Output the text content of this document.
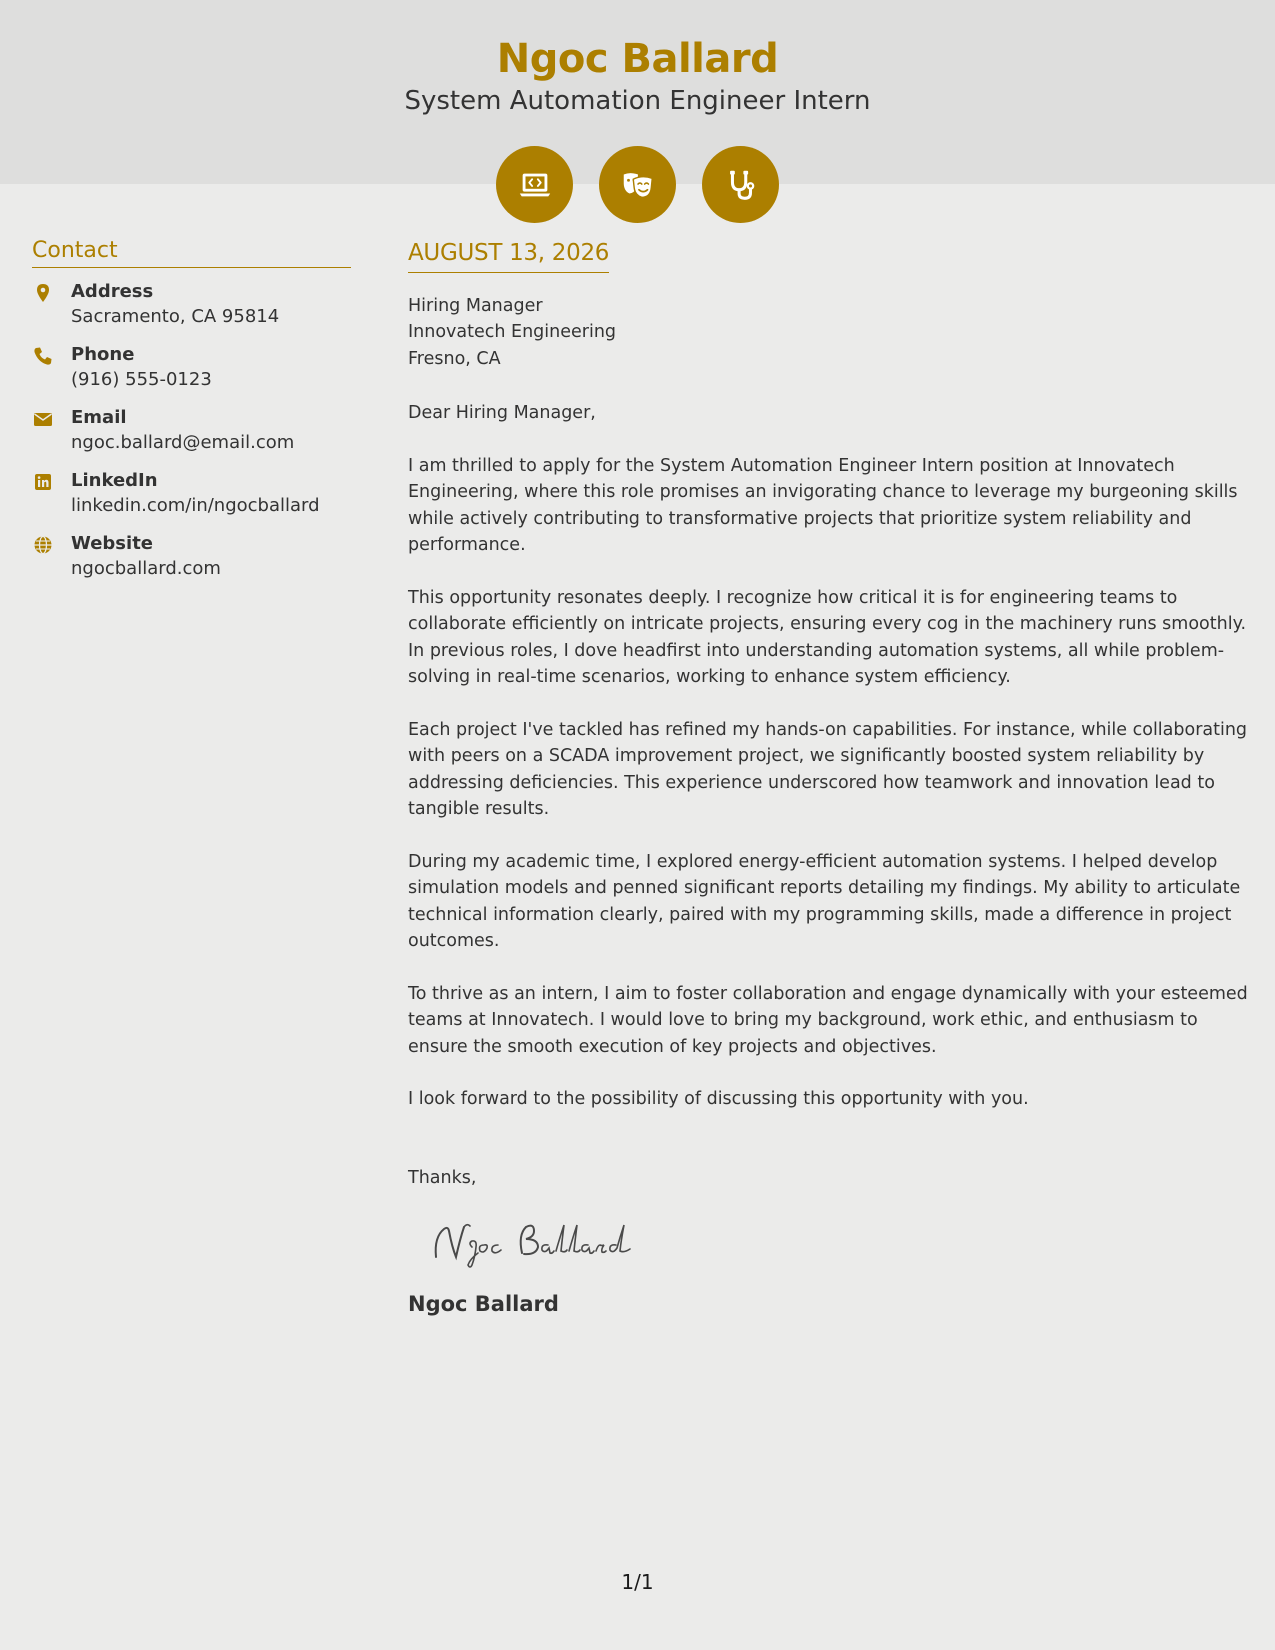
Ngoc Ballard
System Automation Engineer Intern
Contact
Address
Sacramento, CA 95814
Phone
(916) 555-0123
Email
ngoc.ballard@email.com
LinkedIn
linkedin.com/in/ngocballard
Website
ngocballard.com
AUGUST 13, 2026
Hiring Manager
Innovatech Engineering
Fresno, CA
Dear Hiring Manager,

I am thrilled to apply for the System Automation Engineer Intern position at Innovatech Engineering, where this role promises an invigorating chance to leverage my burgeoning skills while actively contributing to transformative projects that prioritize system reliability and performance.

This opportunity resonates deeply. I recognize how critical it is for engineering teams to collaborate efficiently on intricate projects, ensuring every cog in the machinery runs smoothly. In previous roles, I dove headfirst into understanding automation systems, all while problem-solving in real-time scenarios, working to enhance system efficiency.

Each project I've tackled has refined my hands-on capabilities. For instance, while collaborating with peers on a SCADA improvement project, we significantly boosted system reliability by addressing deficiencies. This experience underscored how teamwork and innovation lead to tangible results.

During my academic time, I explored energy-efficient automation systems. I helped develop simulation models and penned significant reports detailing my findings. My ability to articulate technical information clearly, paired with my programming skills, made a difference in project outcomes.

To thrive as an intern, I aim to foster collaboration and engage dynamically with your esteemed teams at Innovatech. I would love to bring my background, work ethic, and enthusiasm to ensure the smooth execution of key projects and objectives.

I look forward to the possibility of discussing this opportunity with you.

Thanks,
Ngoc Ballard
1/1
